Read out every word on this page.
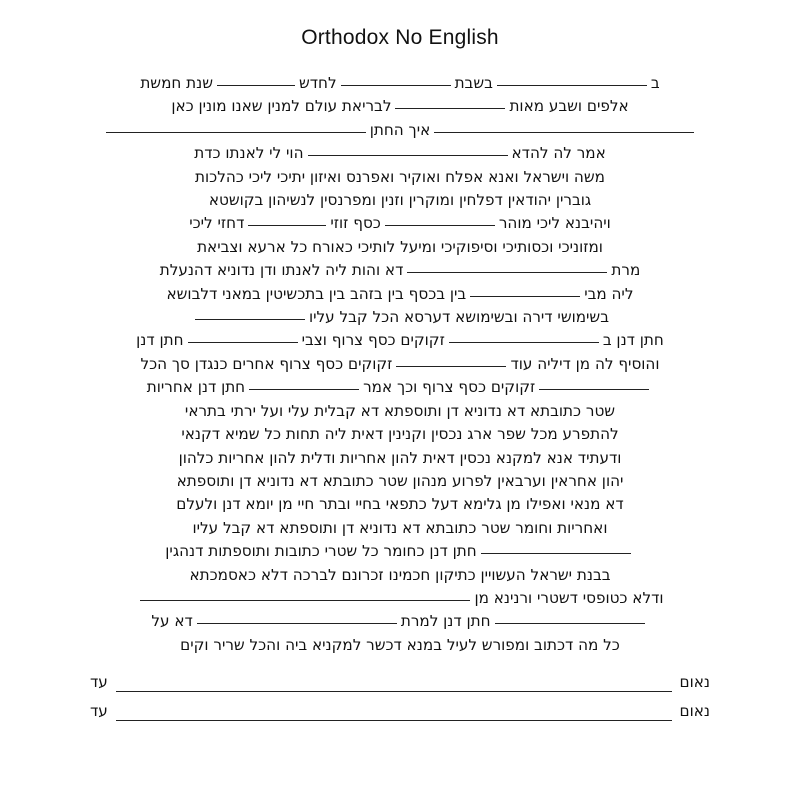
Orthodox No English
בבשבתלחדששנת חמשת
אלפים ושבע מאותלבריאת עולם למנין שאנו מונין כאן
איך החתן
אמר לה להדאהוי לי לאנתו כדת
משה וישראל ואנא אפלח ואוקיר ואפרנס ואיזון יתיכי ליכי כהלכות
גוברין יהודאין דפלחין ומוקרין וזנין ומפרנסין לנשיהון בקושטא
ויהיבנא ליכי מוהרכסף זוזידחזי ליכי
ומזוניכי וכסותיכי וסיפוקיכי ומיעל לותיכי כאורח כל ארעא וצביאת
מרתדא והות ליה לאנתו ודן נדוניא דהנעלת
ליה מביבין בכסף בין בזהב בין בתכשיטין במאני דלבושא
בשימושי דירה ובשימושא דערסא הכל קבל עליו
חתן דנן בזקוקים כסף צרוף וצביחתן דנן
והוסיף לה מן דיליה עודזקוקים כסף צרוף אחרים כנגדן סך הכל
זקוקים כסף צרוף וכך אמרחתן דנן אחריות
שטר כתובתא דא נדוניא דן ותוספתא דא קבלית עלי ועל ירתי בתראי
להתפרע מכל שפר ארג נכסין וקנינין דאית ליה תחות כל שמיא דקנאי
ודעתיד אנא למקנא נכסין דאית להון אחריות ודלית להון אחריות כלהון
יהון אחראין וערבאין לפרוע מנהון שטר כתובתא דא נדוניא דן ותוספתא
דא מנאי ואפילו מן גלימא דעל כתפאי בחיי ובתר חיי מן יומא דנן ולעלם
ואחריות וחומר שטר כתובתא דא נדוניא דן ותוספתא דא קבל עליו
חתן דנן כחומר כל שטרי כתובות ותוספתות דנהגין
בבנת ישראל העשויין כתיקון חכמינו זכרונם לברכה דלא כאסמכתא
ודלא כטופסי דשטרי ורנינא מן
חתן דנן למרתדא על
כל מה דכתוב ומפורש לעיל במנא דכשר למקניא ביה והכל שריר וקים
נאום
עד
נאום
עד
